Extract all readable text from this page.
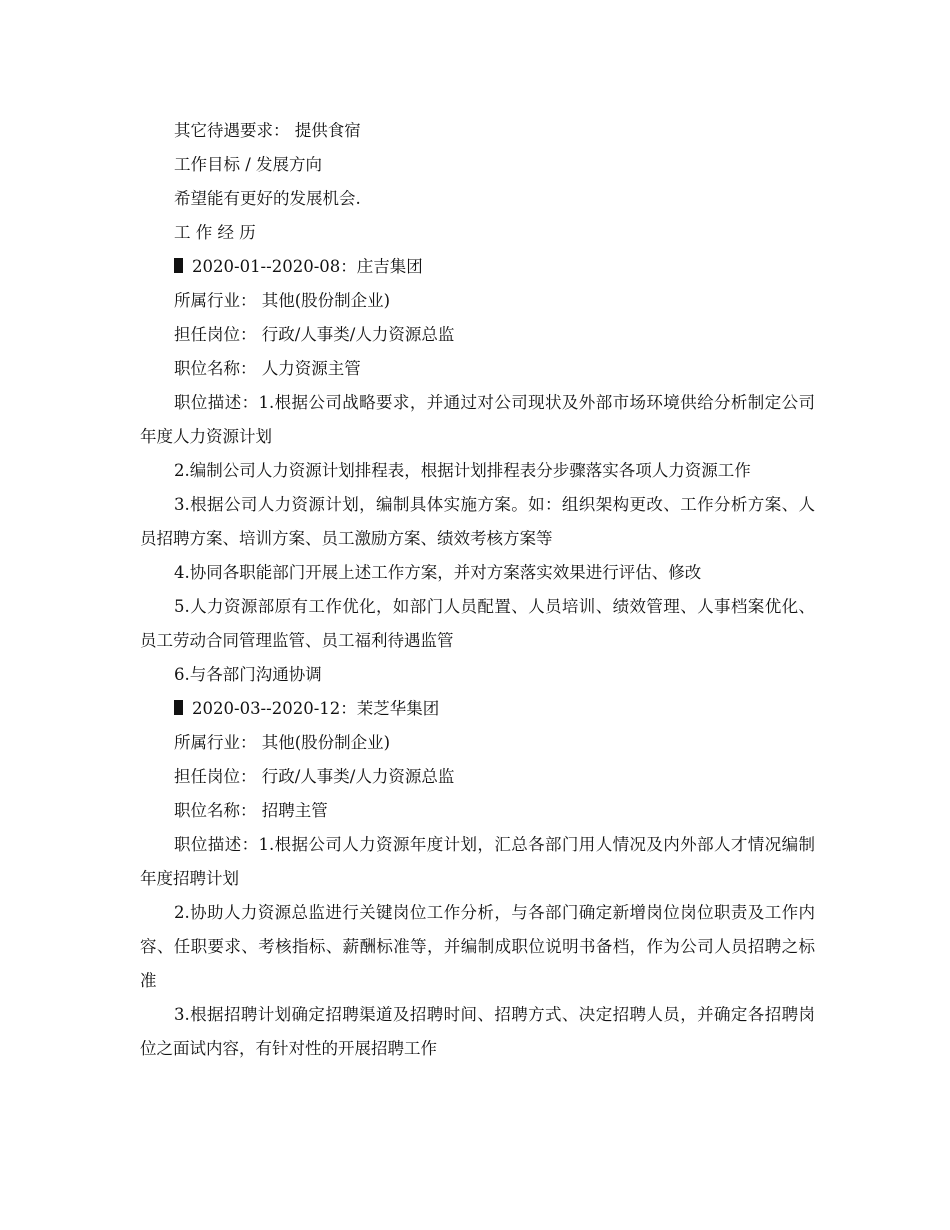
其它待遇要求： 提供食宿

工作目标 / 发展方向

希望能有更好的发展机会.

工 作 经 历

2020-01--2020-08：庄吉集团

所属行业： 其他(股份制企业)

担任岗位： 行政/人事类/人力资源总监

职位名称： 人力资源主管

职位描述：1.根据公司战略要求，并通过对公司现状及外部市场环境供给分析制定公司年度人力资源计划

2.编制公司人力资源计划排程表，根据计划排程表分步骤落实各项人力资源工作

3.根据公司人力资源计划，编制具体实施方案。如：组织架构更改、工作分析方案、人员招聘方案、培训方案、员工激励方案、绩效考核方案等

4.协同各职能部门开展上述工作方案，并对方案落实效果进行评估、修改

5.人力资源部原有工作优化，如部门人员配置、人员培训、绩效管理、人事档案优化、员工劳动合同管理监管、员工福利待遇监管

6.与各部门沟通协调

2020-03--2020-12：茉芝华集团

所属行业： 其他(股份制企业)

担任岗位： 行政/人事类/人力资源总监

职位名称： 招聘主管

职位描述：1.根据公司人力资源年度计划，汇总各部门用人情况及内外部人才情况编制年度招聘计划

2.协助人力资源总监进行关键岗位工作分析，与各部门确定新增岗位岗位职责及工作内容、任职要求、考核指标、薪酬标准等，并编制成职位说明书备档，作为公司人员招聘之标准

3.根据招聘计划确定招聘渠道及招聘时间、招聘方式、决定招聘人员，并确定各招聘岗位之面试内容，有针对性的开展招聘工作
